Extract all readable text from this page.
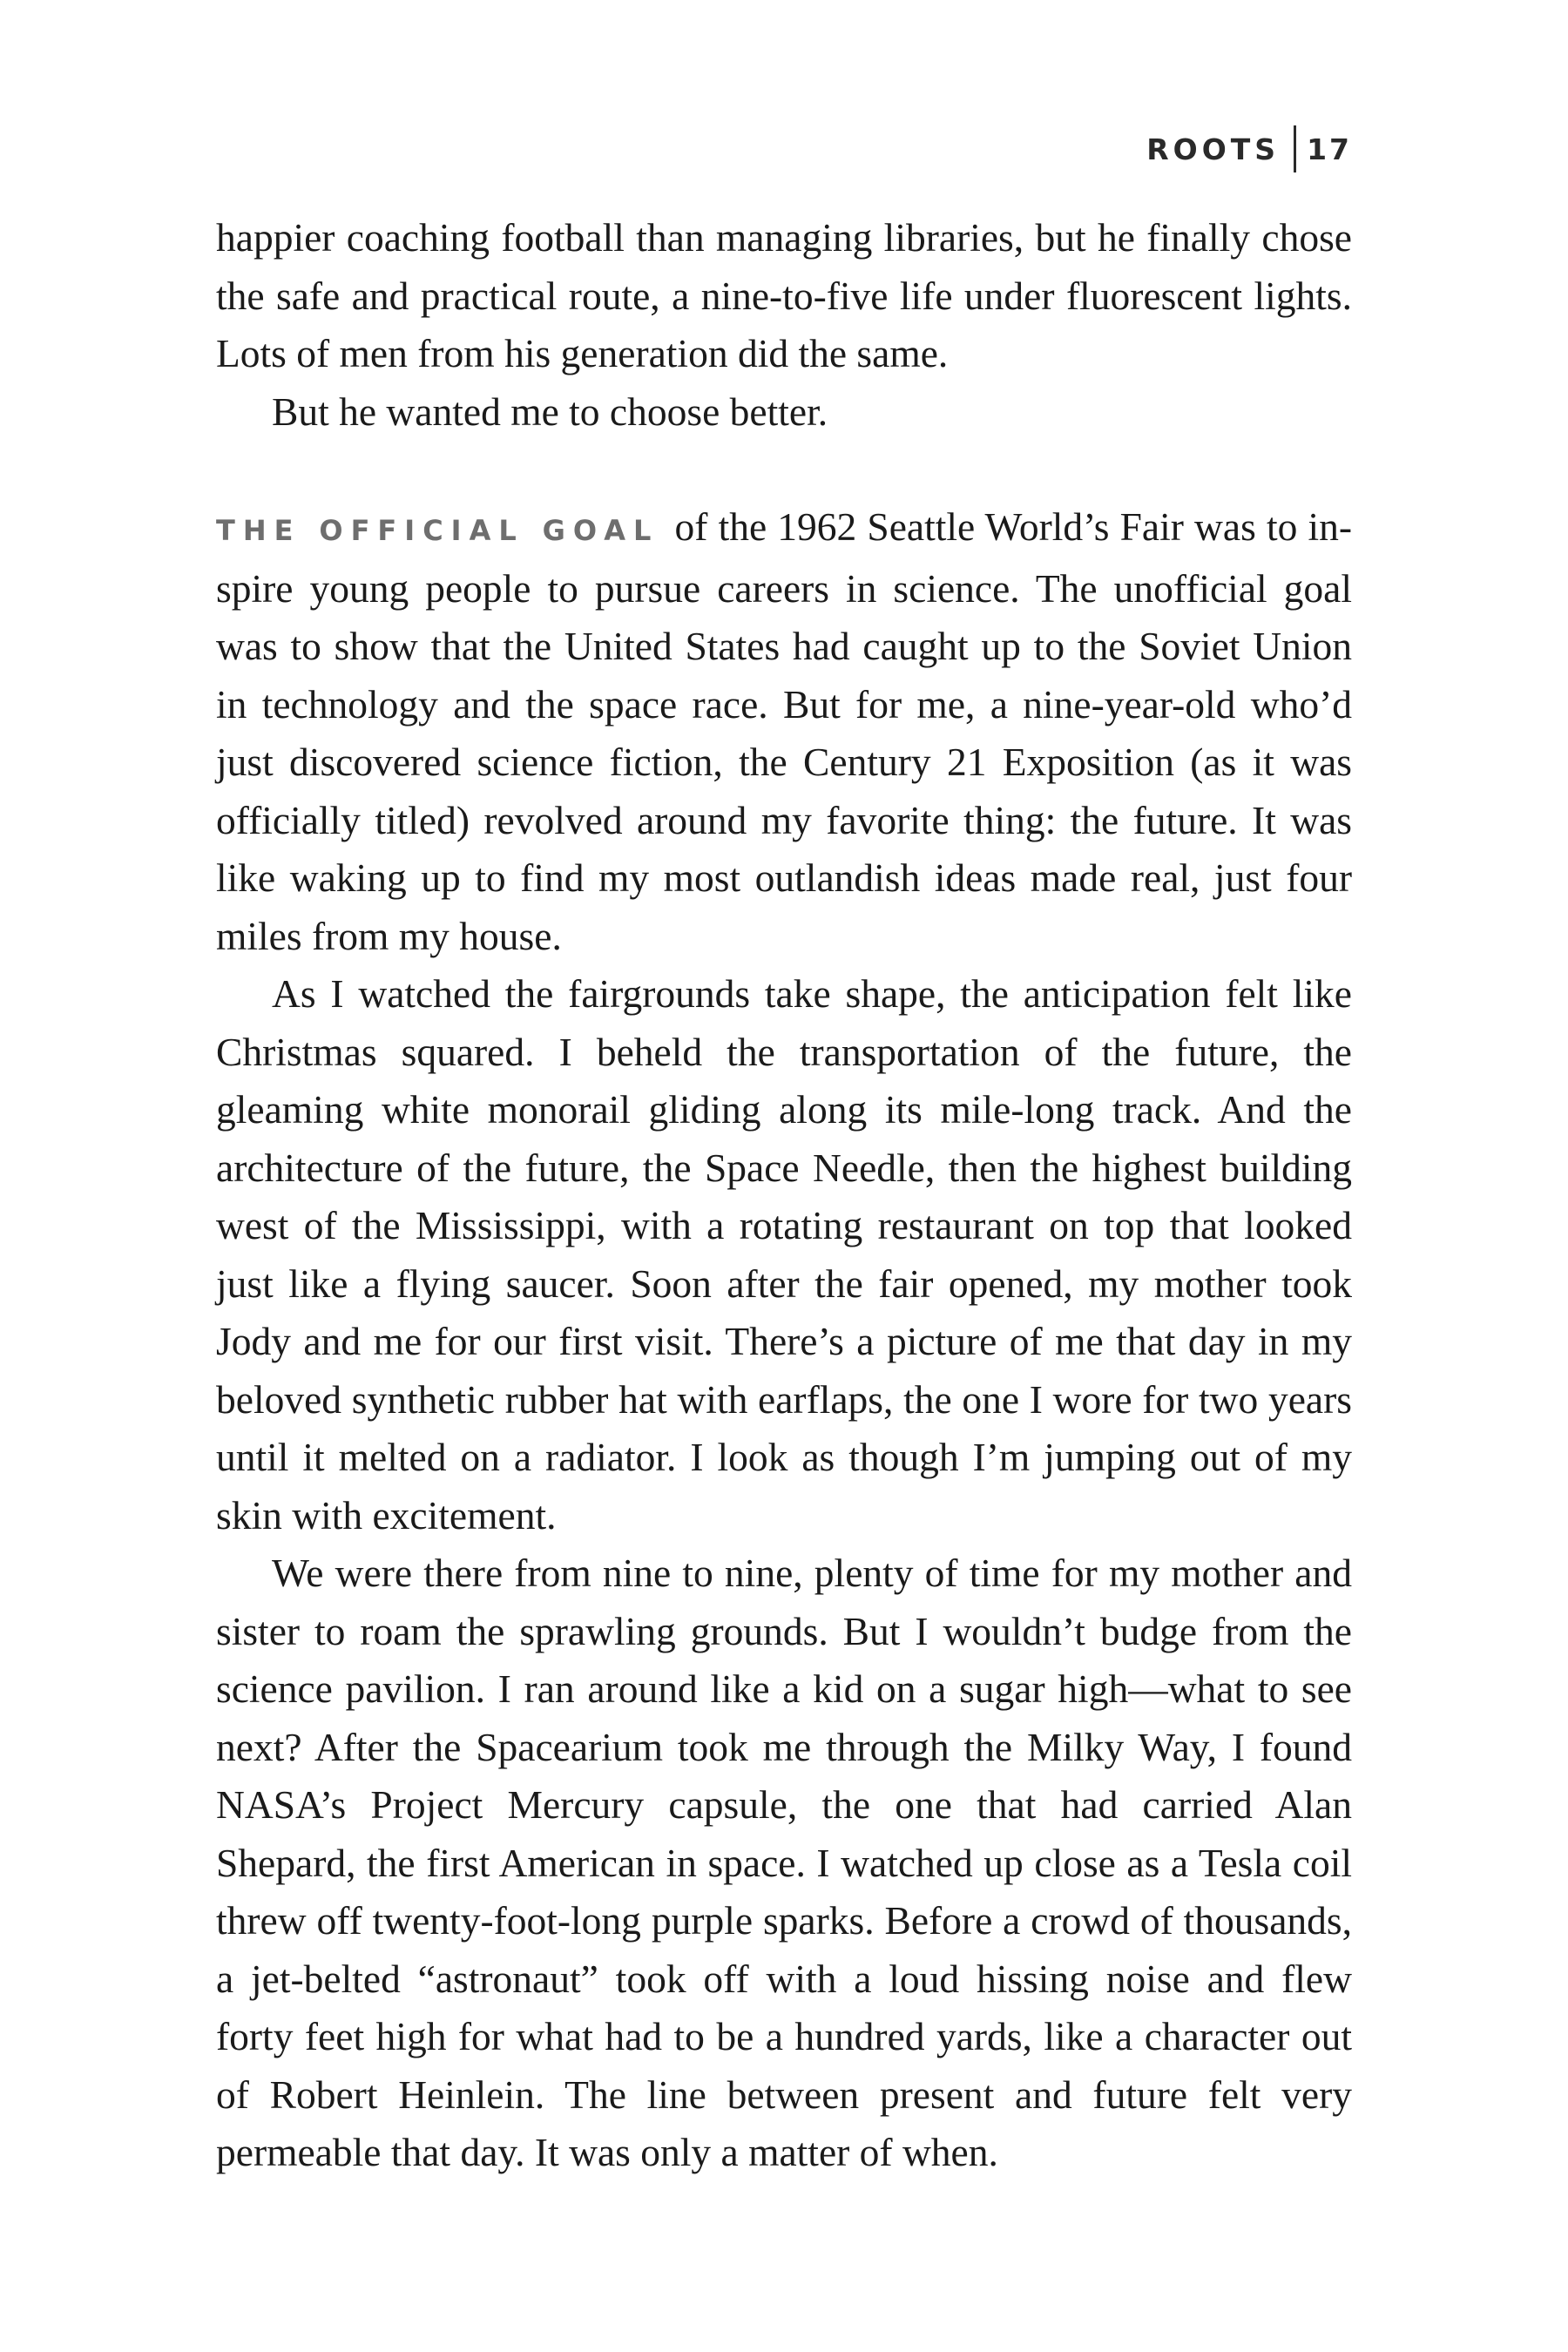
ROOTS 17

happier coaching football than managing libraries, but he finally chose the safe and practical route, a nine-to-five life under fluorescent lights. Lots of men from his generation did the same.

But he wanted me to choose better.

THE OFFICIAL GOAL of the 1962 Seattle World’s Fair was to inspire young people to pursue careers in science. The unofficial goal was to show that the United States had caught up to the Soviet Union in technology and the space race. But for me, a nine-year-old who’d just discovered science fiction, the Century 21 Exposition (as it was officially titled) revolved around my favorite thing: the future. It was like waking up to find my most outlandish ideas made real, just four miles from my house.

As I watched the fairgrounds take shape, the anticipation felt like Christmas squared. I beheld the transportation of the future, the gleaming white monorail gliding along its mile-long track. And the architecture of the future, the Space Needle, then the highest building west of the Mississippi, with a rotating restaurant on top that looked just like a flying saucer. Soon after the fair opened, my mother took Jody and me for our first visit. There’s a picture of me that day in my beloved synthetic rubber hat with earflaps, the one I wore for two years until it melted on a radiator. I look as though I’m jumping out of my skin with excitement.

We were there from nine to nine, plenty of time for my mother and sister to roam the sprawling grounds. But I wouldn’t budge from the science pavilion. I ran around like a kid on a sugar high—what to see next? After the Spacearium took me through the Milky Way, I found NASA’s Project Mercury capsule, the one that had carried Alan Shepard, the first American in space. I watched up close as a Tesla coil threw off twenty-foot-long purple sparks. Before a crowd of thousands, a jet-belted “astronaut” took off with a loud hissing noise and flew forty feet high for what had to be a hundred yards, like a character out of Robert Heinlein. The line between present and future felt very permeable that day. It was only a matter of when.
